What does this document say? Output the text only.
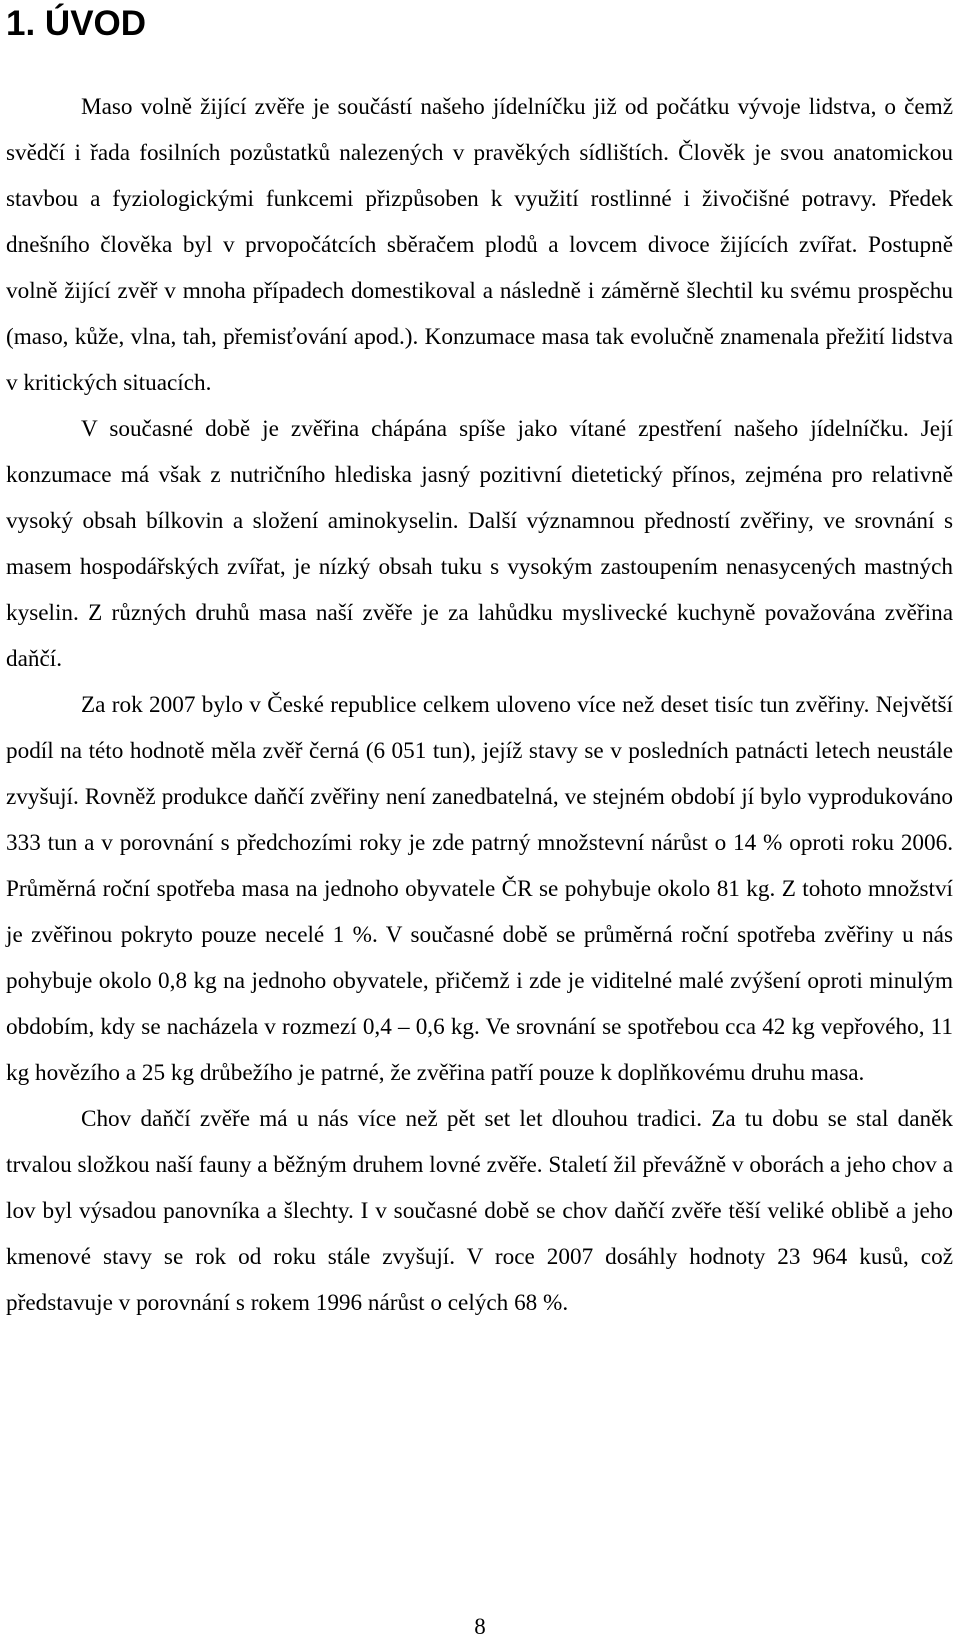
1. ÚVOD

Maso volně žijící zvěře je součástí našeho jídelníčku již od počátku vývoje lidstva, o čemž svědčí i řada fosilních pozůstatků nalezených v pravěkých sídlištích. Člověk je svou anatomickou stavbou a fyziologickými funkcemi přizpůsoben k využití rostlinné i živočišné potravy. Předek dnešního člověka byl v prvopočátcích sběračem plodů a lovcem divoce žijících zvířat. Postupně volně žijící zvěř v mnoha případech domestikoval a následně i záměrně šlechtil ku svému prospěchu (maso, kůže, vlna, tah, přemisťování apod.). Konzumace masa tak evolučně znamenala přežití lidstva v kritických situacích.

V současné době je zvěřina chápána spíše jako vítané zpestření našeho jídelníčku. Její konzumace má však z nutričního hlediska jasný pozitivní dietetický přínos, zejména pro relativně vysoký obsah bílkovin a složení aminokyselin. Další významnou předností zvěřiny, ve srovnání s masem hospodářských zvířat, je nízký obsah tuku s vysokým zastoupením nenasycených mastných kyselin. Z různých druhů masa naší zvěře je za lahůdku myslivecké kuchyně považována zvěřina daňčí.

Za rok 2007 bylo v České republice celkem uloveno více než deset tisíc tun zvěřiny. Největší podíl na této hodnotě měla zvěř černá (6 051 tun), jejíž stavy se v posledních patnácti letech neustále zvyšují. Rovněž produkce daňčí zvěřiny není zanedbatelná, ve stejném období jí bylo vyprodukováno 333 tun a v porovnání s předchozími roky je zde patrný množstevní nárůst o 14 % oproti roku 2006. Průměrná roční spotřeba masa na jednoho obyvatele ČR se pohybuje okolo 81 kg. Z tohoto množství je zvěřinou pokryto pouze necelé 1 %. V současné době se průměrná roční spotřeba zvěřiny u nás pohybuje okolo 0,8 kg na jednoho obyvatele, přičemž i zde je viditelné malé zvýšení oproti minulým obdobím, kdy se nacházela v rozmezí 0,4 – 0,6 kg. Ve srovnání se spotřebou cca 42 kg vepřového, 11 kg hovězího a 25 kg drůbežího je patrné, že zvěřina patří pouze k doplňkovému druhu masa.

Chov daňčí zvěře má u nás více než pět set let dlouhou tradici. Za tu dobu se stal daněk trvalou složkou naší fauny a běžným druhem lovné zvěře. Staletí žil převážně v oborách a jeho chov a lov byl výsadou panovníka a šlechty. I v současné době se chov daňčí zvěře těší veliké oblibě a jeho kmenové stavy se rok od roku stále zvyšují. V roce 2007 dosáhly hodnoty 23 964 kusů, což představuje v porovnání s rokem 1996 nárůst o celých 68 %.

8
